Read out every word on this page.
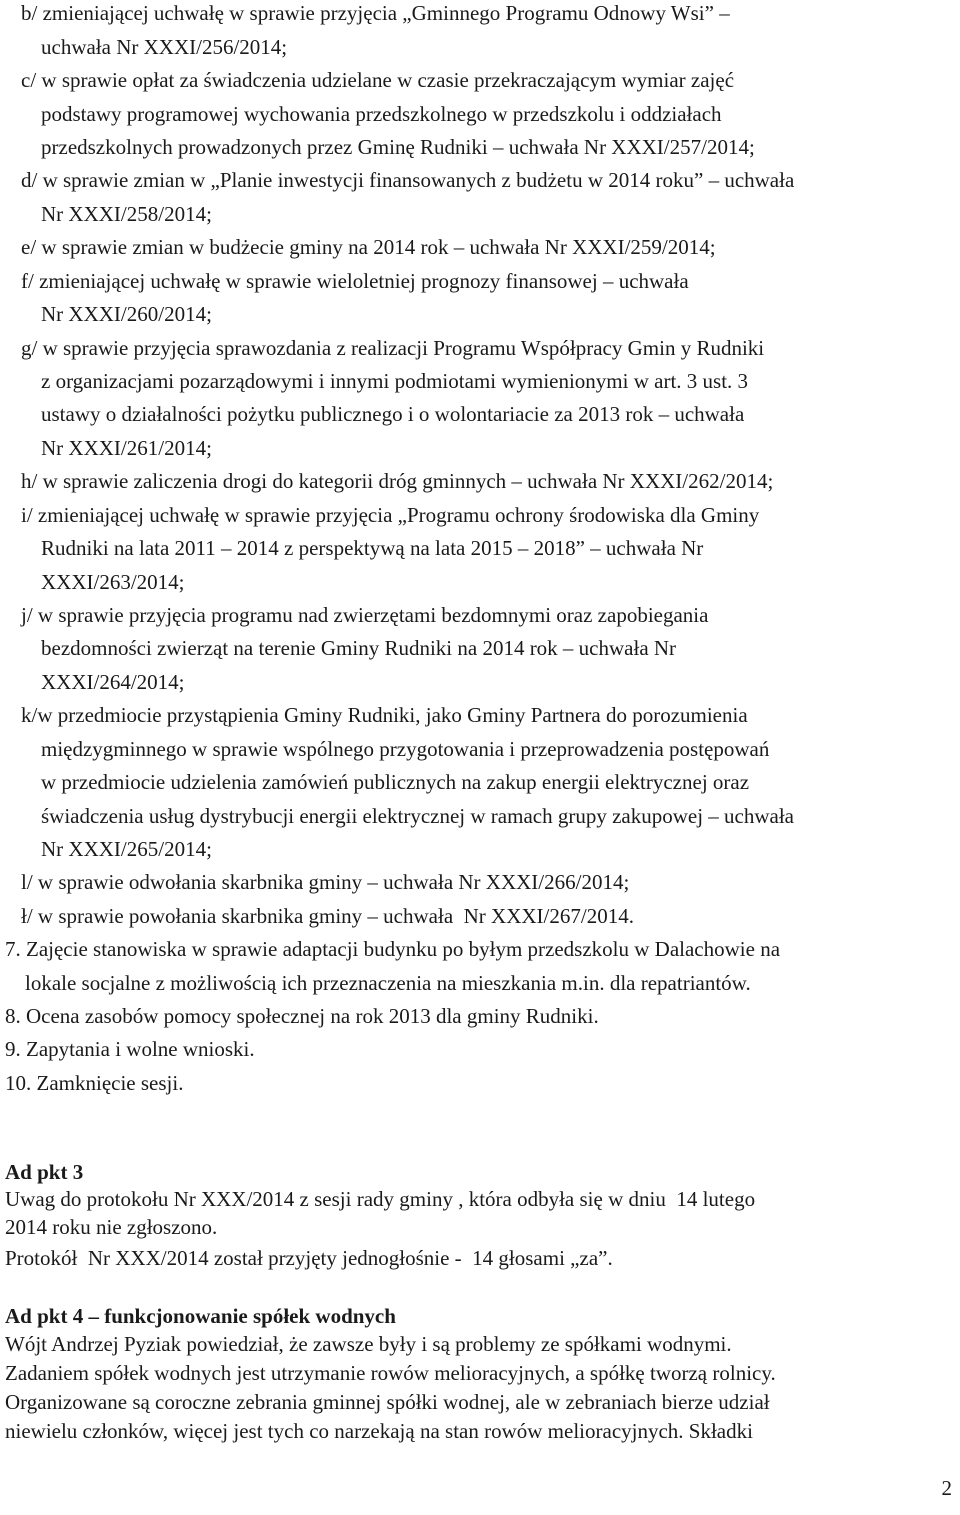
b/ zmieniającej uchwałę w sprawie przyjęcia „Gminnego Programu Odnowy Wsi” –
uchwała Nr XXXI/256/2014;
c/ w sprawie opłat za świadczenia udzielane w czasie przekraczającym wymiar zajęć
podstawy programowej wychowania przedszkolnego w przedszkolu i oddziałach
przedszkolnych prowadzonych przez Gminę Rudniki – uchwała Nr XXXI/257/2014;
d/ w sprawie zmian w „Planie inwestycji finansowanych z budżetu w 2014 roku” – uchwała
Nr XXXI/258/2014;
e/ w sprawie zmian w budżecie gminy na 2014 rok – uchwała Nr XXXI/259/2014;
f/ zmieniającej uchwałę w sprawie wieloletniej prognozy finansowej – uchwała
Nr XXXI/260/2014;
g/ w sprawie przyjęcia sprawozdania z realizacji Programu Współpracy Gmin y Rudniki
z organizacjami pozarządowymi i innymi podmiotami wymienionymi w art. 3 ust. 3
ustawy o działalności pożytku publicznego i o wolontariacie za 2013 rok – uchwała
Nr XXXI/261/2014;
h/ w sprawie zaliczenia drogi do kategorii dróg gminnych – uchwała Nr XXXI/262/2014;
i/ zmieniającej uchwałę w sprawie przyjęcia „Programu ochrony środowiska dla Gminy
Rudniki na lata 2011 – 2014 z perspektywą na lata 2015 – 2018” – uchwała Nr
XXXI/263/2014;
j/ w sprawie przyjęcia programu nad zwierzętami bezdomnymi oraz zapobiegania
bezdomności zwierząt na terenie Gminy Rudniki na 2014 rok – uchwała Nr
XXXI/264/2014;
k/w przedmiocie przystąpienia Gminy Rudniki, jako Gminy Partnera do porozumienia
międzygminnego w sprawie wspólnego przygotowania i przeprowadzenia postępowań
w przedmiocie udzielenia zamówień publicznych na zakup energii elektrycznej oraz
świadczenia usług dystrybucji energii elektrycznej w ramach grupy zakupowej – uchwała
Nr XXXI/265/2014;
l/ w sprawie odwołania skarbnika gminy – uchwała Nr XXXI/266/2014;
ł/ w sprawie powołania skarbnika gminy – uchwała  Nr XXXI/267/2014.
7. Zajęcie stanowiska w sprawie adaptacji budynku po byłym przedszkolu w Dalachowie na
lokale socjalne z możliwością ich przeznaczenia na mieszkania m.in. dla repatriantów.
8. Ocena zasobów pomocy społecznej na rok 2013 dla gminy Rudniki.
9. Zapytania i wolne wnioski.
10. Zamknięcie sesji.
Ad pkt 3
Uwag do protokołu Nr XXX/2014 z sesji rady gminy , która odbyła się w dniu  14 lutego
2014 roku nie zgłoszono.
Protokół  Nr XXX/2014 został przyjęty jednogłośnie -  14 głosami „za”.
Ad pkt 4 – funkcjonowanie spółek wodnych
Wójt Andrzej Pyziak powiedział, że zawsze były i są problemy ze spółkami wodnymi.
Zadaniem spółek wodnych jest utrzymanie rowów melioracyjnych, a spółkę tworzą rolnicy.
Organizowane są coroczne zebrania gminnej spółki wodnej, ale w zebraniach bierze udział
niewielu członków, więcej jest tych co narzekają na stan rowów melioracyjnych. Składki
2
